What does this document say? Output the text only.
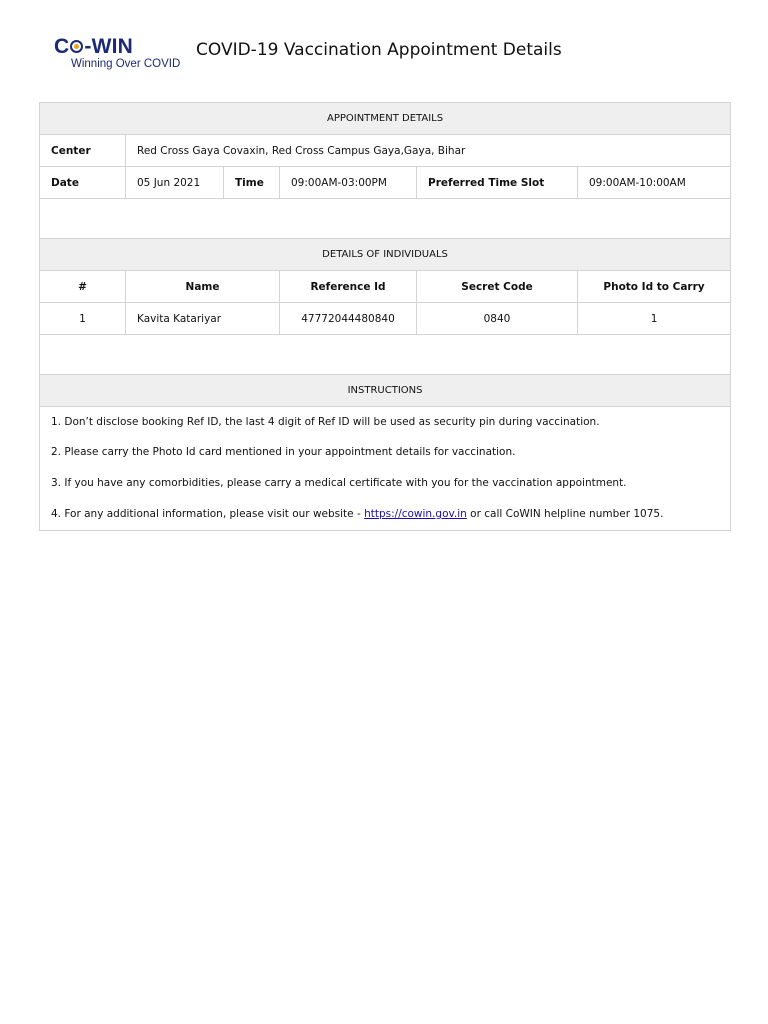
C -WIN
Winning Over COVID
COVID-19 Vaccination Appointment Details
APPOINTMENT DETAILS					
Center	Red Cross Gaya Covaxin, Red Cross Campus Gaya,Gaya, Bihar				
Date	05 Jun 2021	Time	09:00AM-03:00PM	Preferred Time Slot	09:00AM-10:00AM

DETAILS OF INDIVIDUALS					
#	Name		Reference Id	Secret Code	Photo Id to Carry
1	Kavita Katariyar		47772044480840	0840	1

INSTRUCTIONS					
1. Don’t disclose booking Ref ID, the last 4 digit of Ref ID will be used as security pin during vaccination.					
2. Please carry the Photo Id card mentioned in your appointment details for vaccination.					
3. If you have any comorbidities, please carry a medical certificate with you for the vaccination appointment.					
4. For any additional information, please visit our website - https://cowin.gov.in or call CoWIN helpline number 1075.					
